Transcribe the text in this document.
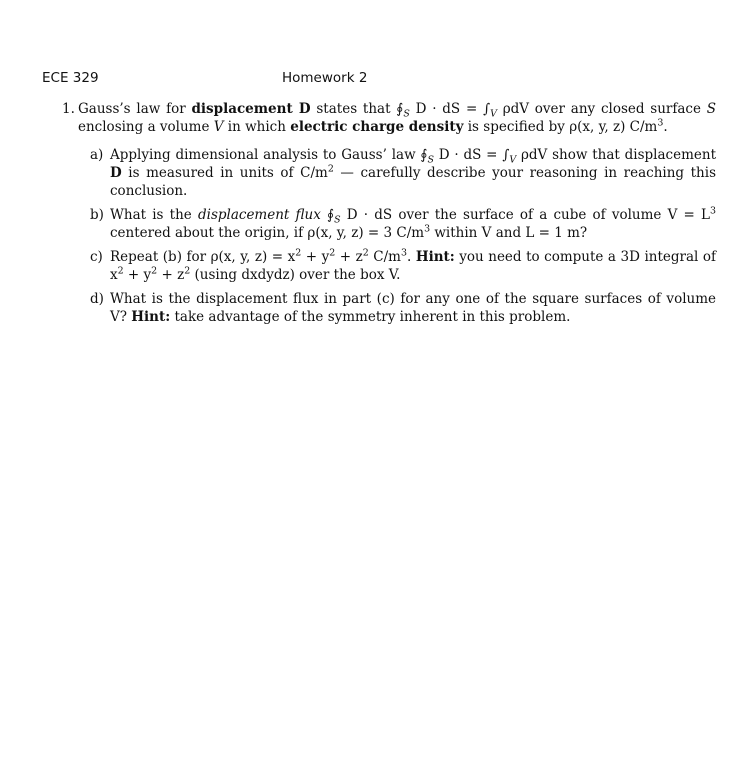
ECE 329	Homework 2
1. Gauss’s law for displacement D states that $∮_S$ D · dS = $\int_V$ ρdV over any closed surface S enclosing a volume V in which electric charge density is specified by ρ(x, y, z) $C/m^3$.
a) Applying dimensional analysis to Gauss’ law $∮_S$ D · dS = $\int_V$ ρdV show that displacement D is measured in units of $C/m^2$ — carefully describe your reasoning in reaching this conclusion.
b) What is the displacement flux $∮_S$ D · dS over the surface of a cube of volume $V = L^3$ centered about the origin, if ρ(x, y, z) = 3 $C/m^3$ within V and L = 1 m?
c) Repeat (b) for ρ(x, y, $z) = x^2 + y^2 + z^2$ $C/m^3$. Hint: you need to compute a 3D integral of $x^2 + y^2 + z^2$ (using dxdydz) over the box V.
d) What is the displacement flux in part (c) for any one of the square surfaces of volume V? Hint: take advantage of the symmetry inherent in this problem.
